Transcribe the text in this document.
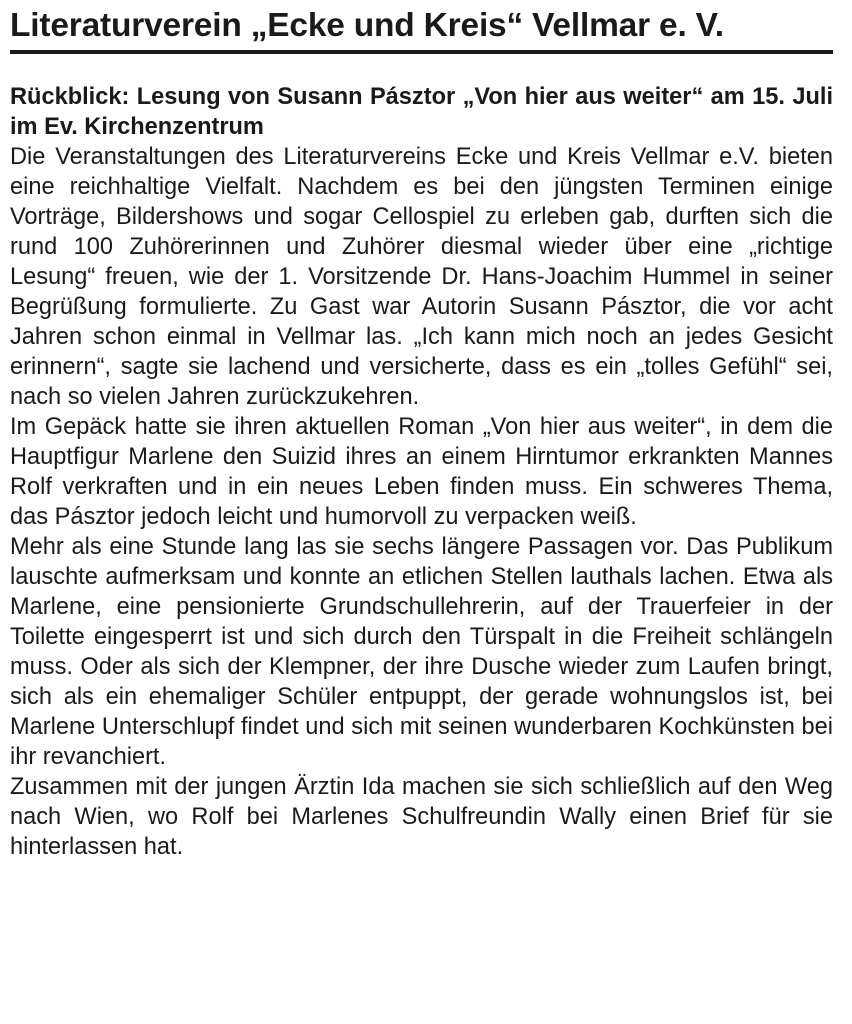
Literaturverein „Ecke und Kreis“ Vellmar e. V.
Rückblick: Lesung von Susann Pásztor „Von hier aus weiter“ am 15. Juli im Ev. Kirchenzentrum

Die Veranstaltungen des Literaturvereins Ecke und Kreis Vellmar e.V. bieten eine reichhaltige Vielfalt. Nachdem es bei den jüngsten Terminen einige Vorträge, Bildershows und sogar Cellospiel zu erleben gab, durften sich die rund 100 Zuhörerinnen und Zuhörer diesmal wieder über eine „richtige Lesung“ freuen, wie der 1. Vorsitzende Dr. Hans-Joachim Hummel in seiner Begrüßung formulierte. Zu Gast war Autorin Susann Pásztor, die vor acht Jahren schon einmal in Vellmar las. „Ich kann mich noch an jedes Gesicht erinnern“, sagte sie lachend und versicherte, dass es ein „tolles Gefühl“ sei, nach so vielen Jahren zurückzukehren.

Im Gepäck hatte sie ihren aktuellen Roman „Von hier aus weiter“, in dem die Hauptfigur Marlene den Suizid ihres an einem Hirntumor erkrankten Mannes Rolf verkraften und in ein neues Leben finden muss. Ein schweres Thema, das Pásztor jedoch leicht und humorvoll zu verpacken weiß.

Mehr als eine Stunde lang las sie sechs längere Passagen vor. Das Publikum lauschte aufmerksam und konnte an etlichen Stellen lauthals lachen. Etwa als Marlene, eine pensionierte Grundschullehrerin, auf der Trauerfeier in der Toilette eingesperrt ist und sich durch den Türspalt in die Freiheit schlängeln muss. Oder als sich der Klempner, der ihre Dusche wieder zum Laufen bringt, sich als ein ehemaliger Schüler entpuppt, der gerade wohnungslos ist, bei Marlene Unterschlupf findet und sich mit seinen wunderbaren Kochkünsten bei ihr revanchiert.

Zusammen mit der jungen Ärztin Ida machen sie sich schließlich auf den Weg nach Wien, wo Rolf bei Marlenes Schulfreundin Wally einen Brief für sie hinterlassen hat.
